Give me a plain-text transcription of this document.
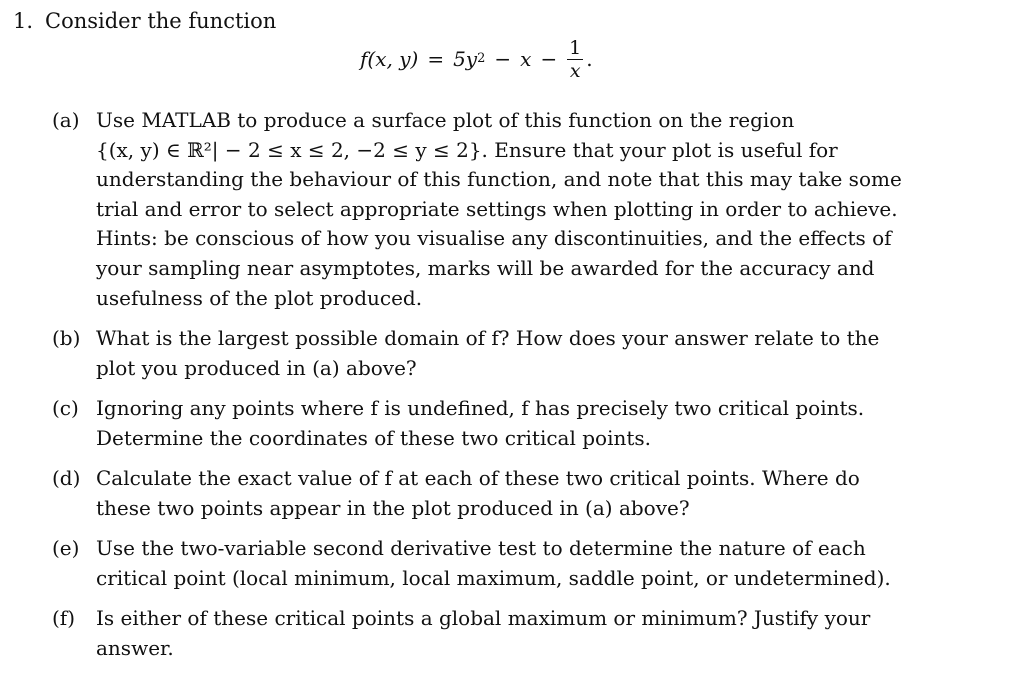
1. Consider the function
f(x, y) = 5y $2 - x - \frac{1}{x}$ .
(a) Use MATLAB to produce a surface plot of this function on the region
{(x, y) ∈ ℝ²| − 2 ≤ x ≤ 2, −2 ≤ y ≤ 2}. Ensure that your plot is useful for
understanding the behaviour of this function, and note that this may take some
trial and error to select appropriate settings when plotting in order to achieve.
Hints: be conscious of how you visualise any discontinuities, and the effects of
your sampling near asymptotes, marks will be awarded for the accuracy and
usefulness of the plot produced.
(b) What is the largest possible domain of f? How does your answer relate to the
plot you produced in (a) above?
(c) Ignoring any points where f is undefined, f has precisely two critical points.
Determine the coordinates of these two critical points.
(d) Calculate the exact value of f at each of these two critical points. Where do
these two points appear in the plot produced in (a) above?
(e) Use the two-variable second derivative test to determine the nature of each
critical point (local minimum, local maximum, saddle point, or undetermined).
(f) Is either of these critical points a global maximum or minimum? Justify your
answer.
